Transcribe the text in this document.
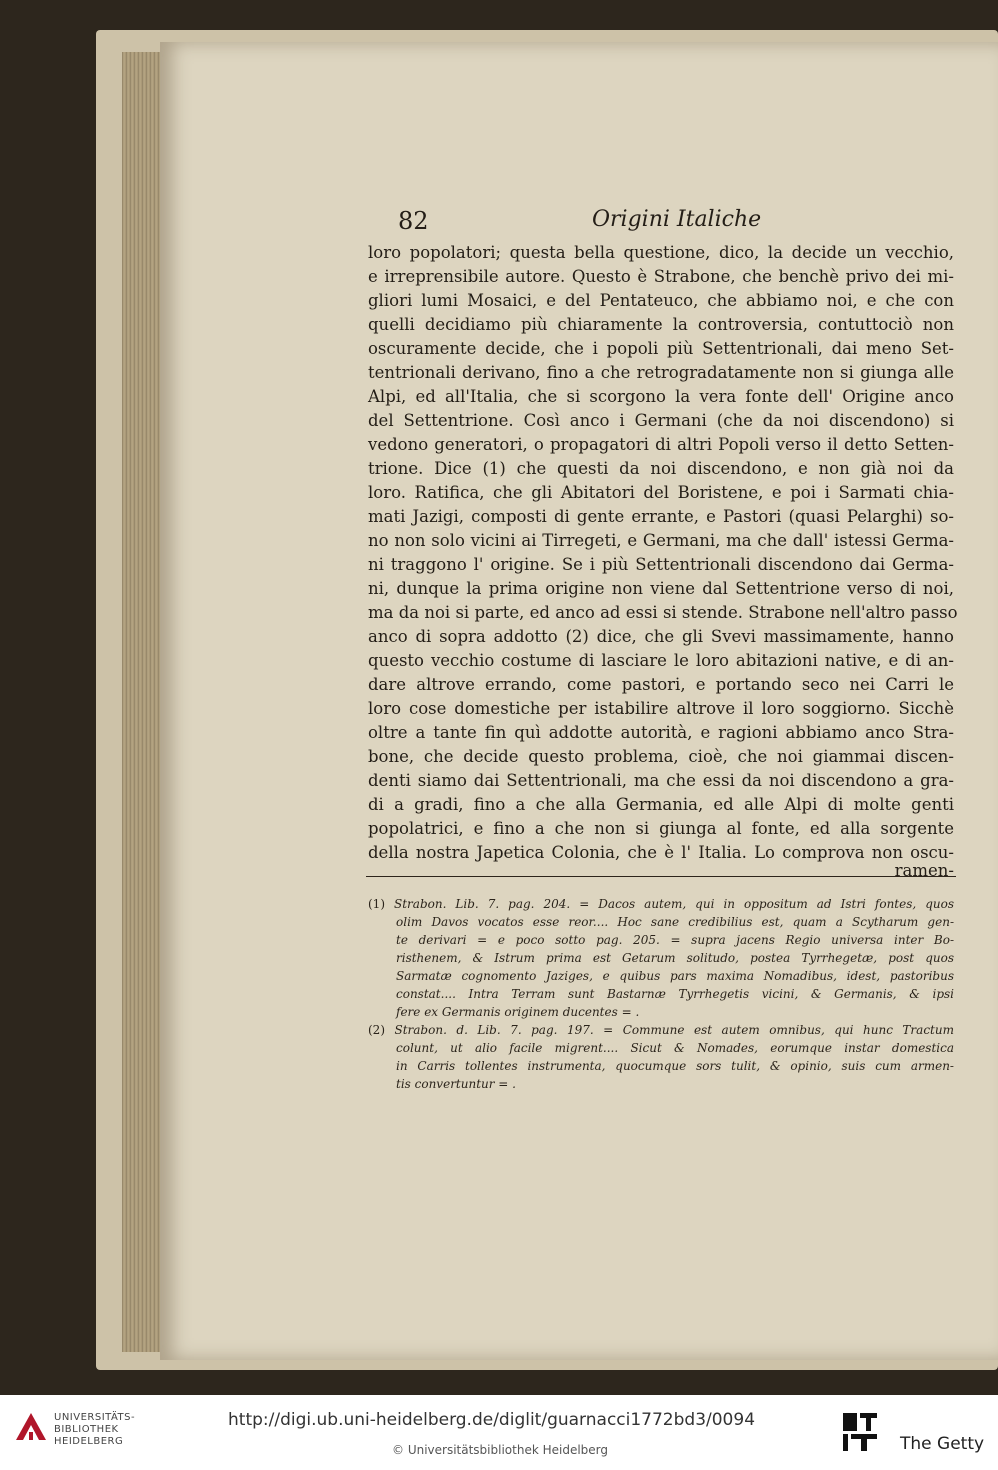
82	Origini Italiche
loro popolatori; questa bella questione, dico, la decide un vecchio,
e irreprensibile autore. Questo è Strabone, che benchè privo dei mi-
gliori lumi Mosaici, e del Pentateuco, che abbiamo noi, e che con
quelli decidiamo più chiaramente la controversia, contuttociò non
oscuramente decide, che i popoli più Settentrionali, dai meno Set-
tentrionali derivano, fino a che retrogradatamente non si giunga alle
Alpi, ed all'Italia, che si scorgono la vera fonte dell' Origine anco
del Settentrione. Così anco i Germani (che da noi discendono) si
vedono generatori, o propagatori di altri Popoli verso il detto Setten-
trione. Dice (1) che questi da noi discendono, e non già noi da
loro. Ratifica, che gli Abitatori del Boristene, e poi i Sarmati chia-
mati Jazigi, composti di gente errante, e Pastori (quasi Pelarghi) so-
no non solo vicini ai Tirregeti, e Germani, ma che dall' istessi Germa-
ni traggono l' origine. Se i più Settentrionali discendono dai Germa-
ni, dunque la prima origine non viene dal Settentrione verso di noi,
ma da noi si parte, ed anco ad essi si stende. Strabone nell'altro passo
anco di sopra addotto (2) dice, che gli Svevi massimamente, hanno
questo vecchio costume di lasciare le loro abitazioni native, e di an-
dare altrove errando, come pastori, e portando seco nei Carri le
loro cose domestiche per istabilire altrove il loro soggiorno. Sicchè
oltre a tante fin quì addotte autorità, e ragioni abbiamo anco Stra-
bone, che decide questo problema, cioè, che noi giammai discen-
denti siamo dai Settentrionali, ma che essi da noi discendono a gra-
di a gradi, fino a che alla Germania, ed alle Alpi di molte genti
popolatrici, e fino a che non si giunga al fonte, ed alla sorgente
della nostra Japetica Colonia, che è l' Italia. Lo comprova non oscu-
ramen-
(1) Strabon. Lib. 7. pag. 204. = Dacos autem, qui in oppositum ad Istri fontes, quos
olim Davos vocatos esse reor.... Hoc sane credibilius est, quam a Scytharum gen-
te derivari = e poco sotto pag. 205. = supra jacens Regio universa inter Bo-
risthenem, & Istrum prima est Getarum solitudo, postea Tyrrhegetæ, post quos
Sarmatæ cognomento Jaziges, e quibus pars maxima Nomadibus, idest, pastoribus
constat.... Intra Terram sunt Bastarnæ Tyrrhegetis vicini, & Germanis, & ipsi
fere ex Germanis originem ducentes = .
(2) Strabon. d. Lib. 7. pag. 197. = Commune est autem omnibus, qui hunc Tractum
colunt, ut alio facile migrent.... Sicut & Nomades, eorumque instar domestica
in Carris tollentes instrumenta, quocumque sors tulit, & opinio, suis cum armen-
tis convertuntur = .
UNIVERSITÄTS-
BIBLIOTHEK
HEIDELBERG
http://digi.ub.uni-heidelberg.de/diglit/guarnacci1772bd3/0094
© Universitätsbibliothek Heidelberg	The Getty
